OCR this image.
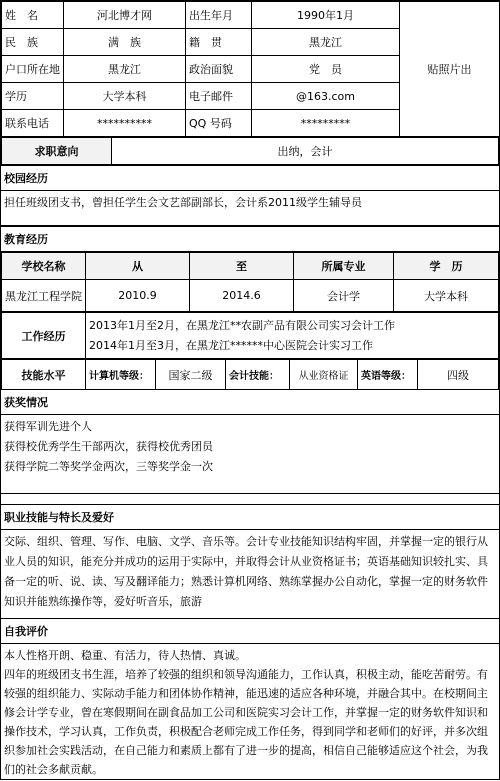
姓　名	河北博才网	出生年月	1990年1月	贴照片出
民　族	满　族	籍　贯	黑龙江	
户口所在地	黑龙江	政治面貌	党　员	
学历	大学本科	电子邮件	@163.com	
联系电话	**********	QQ 号码	*********	
求职意向	出纳，会计
校园经历
担任班级团支书，曾担任学生会文艺部副部长，会计系2011级学生辅导员
教育经历
学校名称	从	至	所属专业	学　历
黑龙江工程学院	2010.9	2014.6	会计学	大学本科
工作经历	
2013年1月至2月，在黑龙江**农副产品有限公司实习会计工作
2014年1月至3月，在黑龙江******中心医院会计实习工作
技能水平	计算机等级：	国家二级	会计技能：	从业资格证	英语等级：	四级
获奖情况

获得军训先进个人

获得校优秀学生干部两次，获得校优秀团员

获得学院二等奖学金两次，三等奖学金一次

职业技能与特长及爱好
交际、组织、管理、写作、电脑、文学、音乐等。会计专业技能知识结构牢固，并掌握一定的银行从业人员的知识，能充分并成功的运用于实际中，并取得会计从业资格证书；英语基础知识较扎实、具备一定的听、说、读、写及翻译能力；熟悉计算机网络、熟练掌握办公自动化，掌握一定的财务软件知识并能熟练操作等，爱好听音乐，旅游
自我评价

本人性格开朗、稳重、有活力，待人热情、真诚。

四年的班级团支书生涯，培养了较强的组织和领导沟通能力，工作认真，积极主动，能吃苦耐劳。有较强的组织能力、实际动手能力和团体协作精神，能迅速的适应各种环境，并融合其中。在校期间主修会计学专业，曾在寒假期间在副食品加工公司和医院实习会计工作，并掌握一定的财务软件知识和操作技术，学习认真，工作负责，积极配合老师完成工作任务，得到同学和老师们的好评，并多次组织参加社会实践活动，在自己能力和素质上都有了进一步的提高，相信自己能够适应这个社会，为我们的社会多献贡献。
